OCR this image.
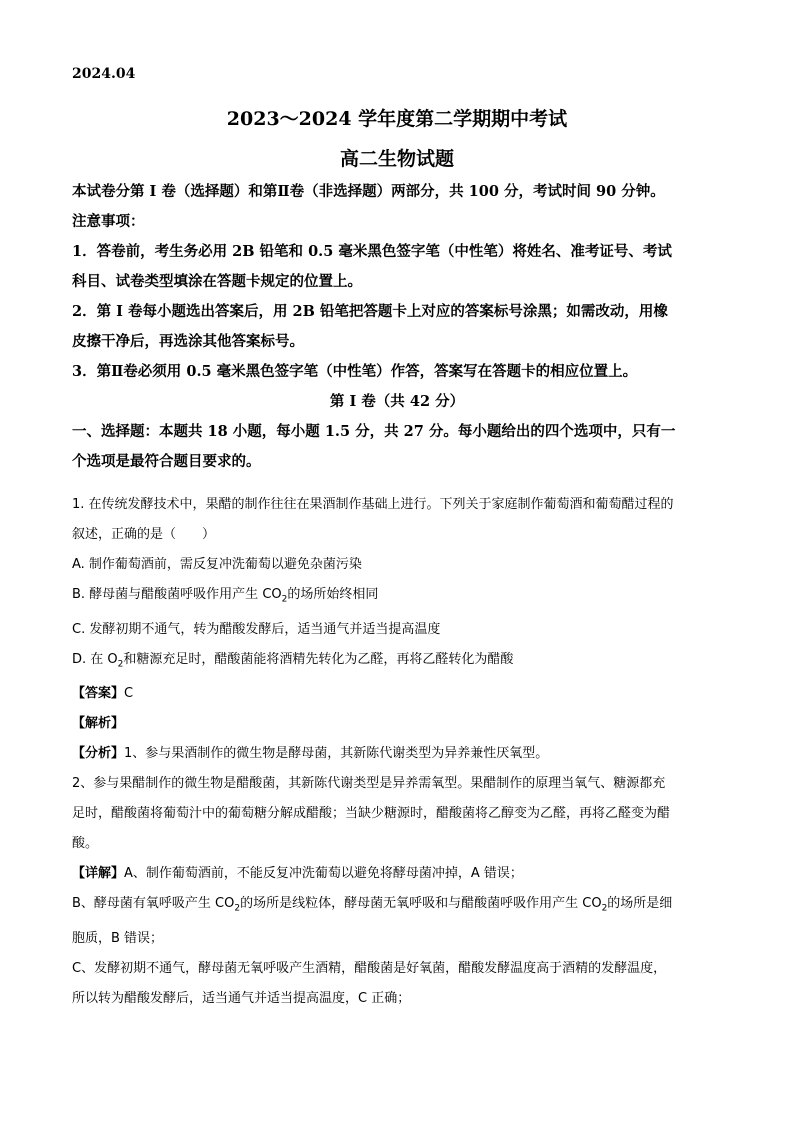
2024.04
2023～2024 学年度第二学期期中考试
高二生物试题
本试卷分第 I 卷（选择题）和第Ⅱ卷（非选择题）两部分，共 100 分，考试时间 90 分钟。
注意事项：
1．答卷前，考生务必用 2B 铅笔和 0.5 毫米黑色签字笔（中性笔）将姓名、准考证号、考试
科目、试卷类型填涂在答题卡规定的位置上。
2．第 I 卷每小题选出答案后，用 2B 铅笔把答题卡上对应的答案标号涂黑；如需改动，用橡
皮擦干净后，再选涂其他答案标号。
3．第Ⅱ卷必须用 0.5 毫米黑色签字笔（中性笔）作答，答案写在答题卡的相应位置上。
第 I 卷（共 42 分）
一、选择题：本题共 18 小题，每小题 1.5 分，共 27 分。每小题给出的四个选项中，只有一
个选项是最符合题目要求的。
1. 在传统发酵技术中，果醋的制作往往在果酒制作基础上进行。下列关于家庭制作葡萄酒和葡萄醋过程的
叙述，正确的是（　　）
A. 制作葡萄酒前，需反复冲洗葡萄以避免杂菌污染
B. 酵母菌与醋酸菌呼吸作用产生 $CO_2$的场所始终相同
C. 发酵初期不通气，转为醋酸发酵后，适当通气并适当提高温度
D. 在 $O_2$和糖源充足时，醋酸菌能将酒精先转化为乙醛，再将乙醛转化为醋酸
【答案】C
【解析】
【分析】1、参与果酒制作的微生物是酵母菌，其新陈代谢类型为异养兼性厌氧型。
2、参与果醋制作的微生物是醋酸菌，其新陈代谢类型是异养需氧型。果醋制作的原理当氧气、糖源都充
足时，醋酸菌将葡萄汁中的葡萄糖分解成醋酸；当缺少糖源时，醋酸菌将乙醇变为乙醛，再将乙醛变为醋
酸。
【详解】A、制作葡萄酒前，不能反复冲洗葡萄以避免将酵母菌冲掉，A 错误；
B、酵母菌有氧呼吸产生 $CO_2$的场所是线粒体，酵母菌无氧呼吸和与醋酸菌呼吸作用产生 $CO_2$的场所是细
胞质，B 错误；
C、发酵初期不通气，酵母菌无氧呼吸产生酒精，醋酸菌是好氧菌，醋酸发酵温度高于酒精的发酵温度，
所以转为醋酸发酵后，适当通气并适当提高温度，C 正确；
